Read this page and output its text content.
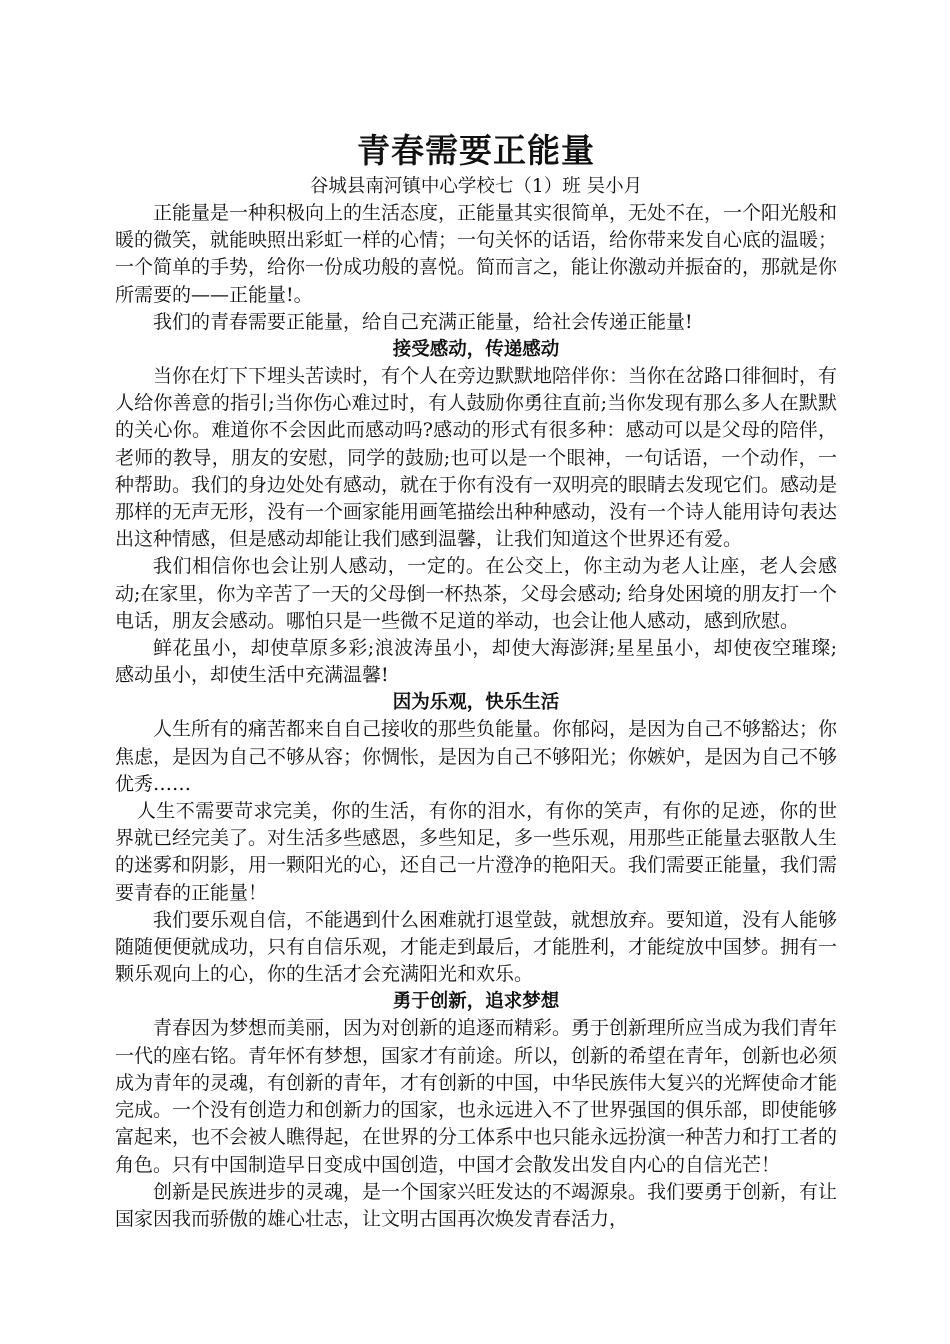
青春需要正能量

谷城县南河镇中心学校七（1）班 吴小月

正能量是一种积极向上的生活态度，正能量其实很简单，无处不在，一个阳光般和暖的微笑，就能映照出彩虹一样的心情；一句关怀的话语，给你带来发自心底的温暖；一个简单的手势，给你一份成功般的喜悦。简而言之，能让你激动并振奋的，那就是你所需要的——正能量!。

我们的青春需要正能量，给自己充满正能量，给社会传递正能量!

接受感动，传递感动

当你在灯下下埋头苦读时，有个人在旁边默默地陪伴你：当你在岔路口徘徊时，有人给你善意的指引;当你伤心难过时，有人鼓励你勇往直前;当你发现有那么多人在默默的关心你。难道你不会因此而感动吗?感动的形式有很多种：感动可以是父母的陪伴，老师的教导，朋友的安慰，同学的鼓励;也可以是一个眼神，一句话语，一个动作，一种帮助。我们的身边处处有感动，就在于你有没有一双明亮的眼睛去发现它们。感动是那样的无声无形，没有一个画家能用画笔描绘出种种感动，没有一个诗人能用诗句表达出这种情感，但是感动却能让我们感到温馨，让我们知道这个世界还有爱。

我们相信你也会让别人感动，一定的。在公交上，你主动为老人让座，老人会感动;在家里，你为辛苦了一天的父母倒一杯热茶，父母会感动; 给身处困境的朋友打一个电话，朋友会感动。哪怕只是一些微不足道的举动，也会让他人感动，感到欣慰。

鲜花虽小，却使草原多彩;浪波涛虽小，却使大海澎湃;星星虽小，却使夜空璀璨;感动虽小，却使生活中充满温馨!

因为乐观，快乐生活

人生所有的痛苦都来自自己接收的那些负能量。你郁闷，是因为自己不够豁达；你焦虑，是因为自己不够从容；你惆怅，是因为自己不够阳光；你嫉妒，是因为自己不够优秀……

人生不需要苛求完美，你的生活，有你的泪水，有你的笑声，有你的足迹，你的世界就已经完美了。对生活多些感恩，多些知足，多一些乐观，用那些正能量去驱散人生的迷雾和阴影，用一颗阳光的心，还自己一片澄净的艳阳天。我们需要正能量，我们需要青春的正能量！

我们要乐观自信，不能遇到什么困难就打退堂鼓，就想放弃。要知道，没有人能够随随便便就成功，只有自信乐观，才能走到最后，才能胜利，才能绽放中国梦。拥有一颗乐观向上的心，你的生活才会充满阳光和欢乐。

勇于创新，追求梦想

青春因为梦想而美丽，因为对创新的追逐而精彩。勇于创新理所应当成为我们青年一代的座右铭。青年怀有梦想，国家才有前途。所以，创新的希望在青年，创新也必须成为青年的灵魂，有创新的青年，才有创新的中国，中华民族伟大复兴的光辉使命才能完成。一个没有创造力和创新力的国家，也永远进入不了世界强国的俱乐部，即使能够富起来，也不会被人瞧得起，在世界的分工体系中也只能永远扮演一种苦力和打工者的角色。只有中国制造早日变成中国创造，中国才会散发出发自内心的自信光芒！

创新是民族进步的灵魂，是一个国家兴旺发达的不竭源泉。我们要勇于创新，有让国家因我而骄傲的雄心壮志，让文明古国再次焕发青春活力，
